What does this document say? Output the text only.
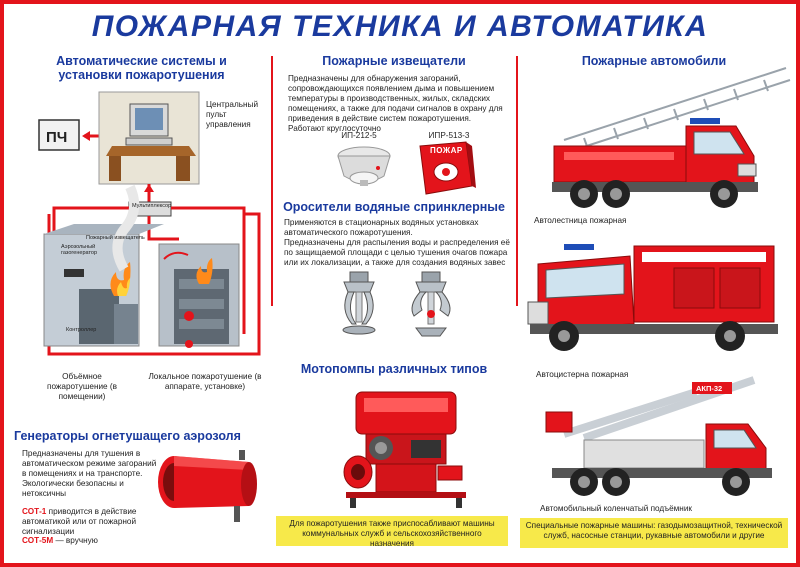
ПОЖАРНАЯ ТЕХНИКА И АВТОМАТИКА
Автоматические системы и установки пожаротушения
ПЧ
Центральный пульт управления
Мультиплексор
Пожарный извещатель
Аэрозольный газогенератор
Контроллер
Объёмное пожаротушение (в помещении)
Локальное пожаротушение (в аппарате, установке)
Генераторы огнетушащего аэрозоля
Предназначены для тушения в автоматическом режиме загораний в помещениях и на транспорте. Экологически безопасны и нетоксичны
СОТ-1 приводится в действие автоматикой или от пожарной сигнализации
СОТ-5М — вручную
Пожарные извещатели
Предназначены для обнаружения загораний, сопровождающихся появлением дыма и повышением температуры в производственных, жилых, складских помещениях, а также для подачи сигналов в охрану для приведения в действие систем пожаротушения. Работают круглосуточно
ИП-212-5	ИПР-513-3
ПОЖАР
Оросители водяные спринклерные
Применяются в стационарных водяных установках автоматического пожаротушения.
Предназначены для распыления воды и распределения её по защищаемой площади с целью тушения очагов пожара или их локализации, а также для создания водяных завес
Мотопомпы различных типов
Для пожаротушения также приспосабливают машины коммунальных служб и сельскохозяйственного назначения
Пожарные автомобили
Автолестница пожарная
Автоцистерна пожарная
АКП-32
Автомобильный коленчатый подъёмник
Специальные пожарные машины: газодымозащитной, технической служб, насосные станции, рукавные автомобили и другие
